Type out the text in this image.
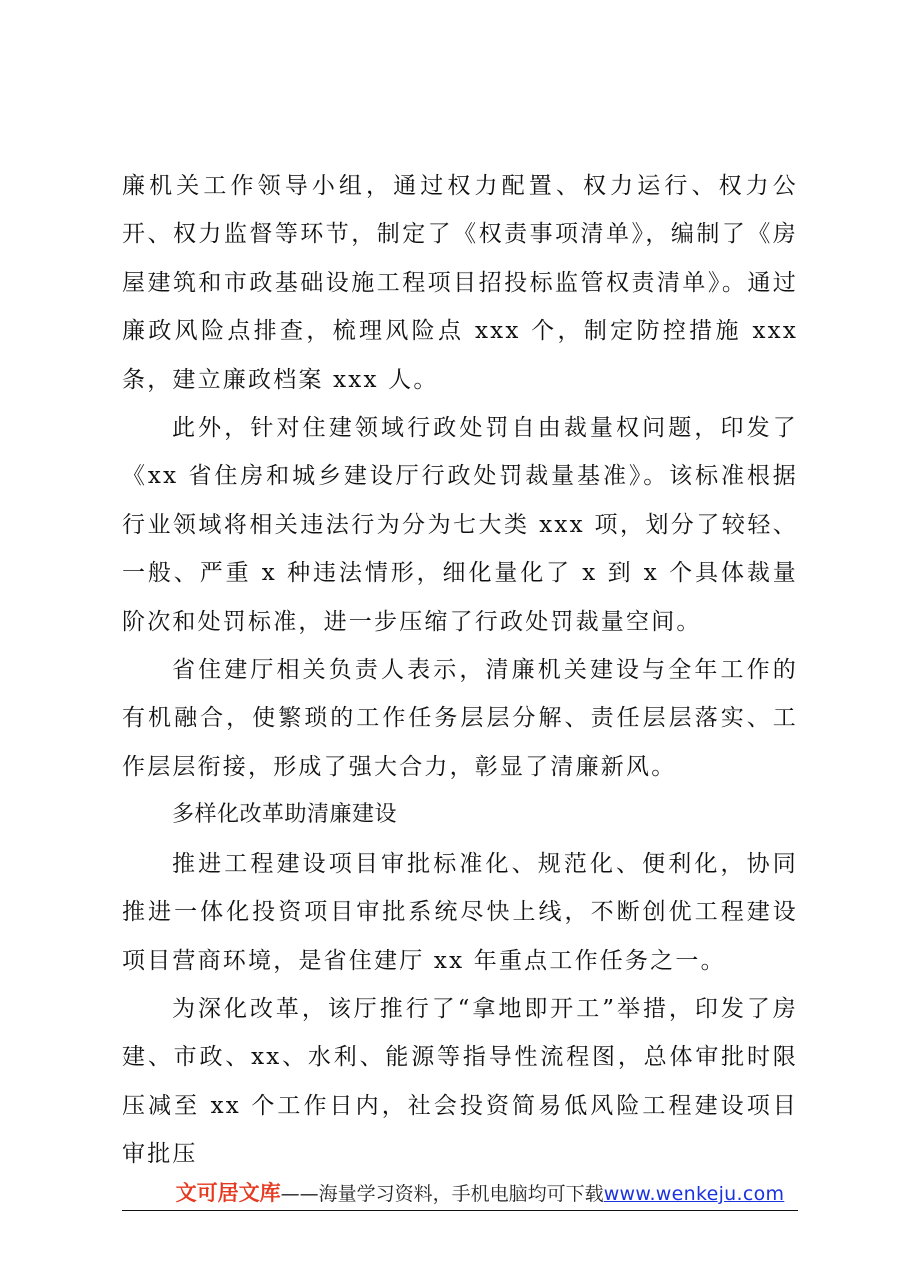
廉机关工作领导小组，通过权力配置、权力运行、权力公开、权力监督等环节，制定了《权责事项清单》，编制了《房屋建筑和市政基础设施工程项目招投标监管权责清单》。通过廉政风险点排查，梳理风险点 xxx 个，制定防控措施 xxx 条，建立廉政档案 xxx 人。

此外，针对住建领域行政处罚自由裁量权问题，印发了《xx 省住房和城乡建设厅行政处罚裁量基准》。该标准根据行业领域将相关违法行为分为七大类 xxx 项，划分了较轻、一般、严重 x 种违法情形，细化量化了 x 到 x 个具体裁量阶次和处罚标准，进一步压缩了行政处罚裁量空间。

省住建厅相关负责人表示，清廉机关建设与全年工作的有机融合，使繁琐的工作任务层层分解、责任层层落实、工作层层衔接，形成了强大合力，彰显了清廉新风。

多样化改革助清廉建设

推进工程建设项目审批标准化、规范化、便利化，协同推进一体化投资项目审批系统尽快上线，不断创优工程建设项目营商环境，是省住建厅 xx 年重点工作任务之一。

为深化改革，该厅推行了“拿地即开工”举措，印发了房建、市政、xx、水利、能源等指导性流程图，总体审批时限压减至 xx 个工作日内，社会投资简易低风险工程建设项目审批压

文可居文库——海量学习资料，手机电脑均可下载www.wenkeju.com
